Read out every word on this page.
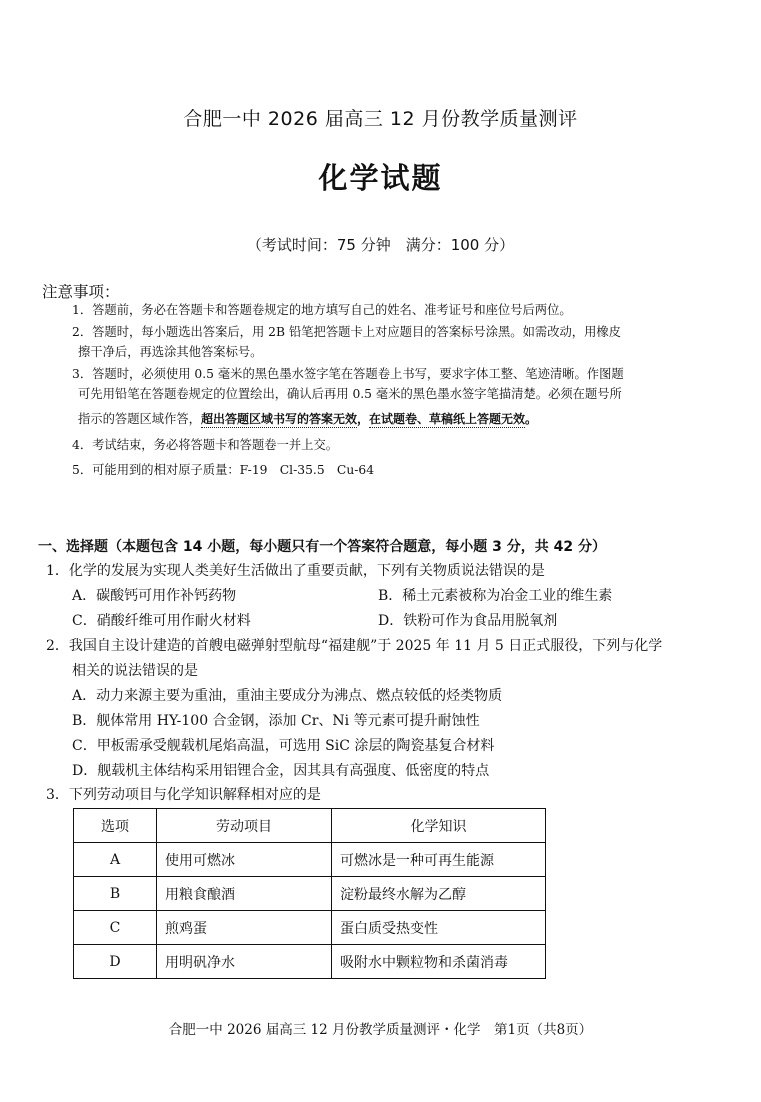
合肥一中 2026 届高三 12 月份教学质量测评
化学试题
（考试时间：75 分钟　满分：100 分）
注意事项：
1．答题前，务必在答题卡和答题卷规定的地方填写自己的姓名、准考证号和座位号后两位。
2．答题时，每小题选出答案后，用 2B 铅笔把答题卡上对应题目的答案标号涂黑。如需改动，用橡皮
擦干净后，再选涂其他答案标号。
3．答题时，必须使用 0.5 毫米的黑色墨水签字笔在答题卷上书写，要求字体工整、笔迹清晰。作图题
可先用铅笔在答题卷规定的位置绘出，确认后再用 0.5 毫米的黑色墨水签字笔描清楚。必须在题号所
指示的答题区域作答，超出答题区域书写的答案无效，在试题卷、草稿纸上答题无效。
4．考试结束，务必将答题卡和答题卷一并上交。
5．可能用到的相对原子质量：F-19　Cl-35.5　Cu-64
一、选择题（本题包含 14 小题，每小题只有一个答案符合题意，每小题 3 分，共 42 分）
1．化学的发展为实现人类美好生活做出了重要贡献，下列有关物质说法错误的是
A．碳酸钙可用作补钙药物	B．稀土元素被称为冶金工业的维生素
C．硝酸纤维可用作耐火材料	D．铁粉可作为食品用脱氧剂
2．我国自主设计建造的首艘电磁弹射型航母“福建舰”于 2025 年 11 月 5 日正式服役，下列与化学
相关的说法错误的是
A．动力来源主要为重油，重油主要成分为沸点、燃点较低的烃类物质
B．舰体常用 HY-100 合金钢，添加 Cr、Ni 等元素可提升耐蚀性
C．甲板需承受舰载机尾焰高温，可选用 SiC 涂层的陶瓷基复合材料
D．舰载机主体结构采用铝锂合金，因其具有高强度、低密度的特点
3．下列劳动项目与化学知识解释相对应的是
选项	劳动项目	化学知识
A	使用可燃冰	可燃冰是一种可再生能源
B	用粮食酿酒	淀粉最终水解为乙醇
C	煎鸡蛋	蛋白质受热变性
D	用明矾净水	吸附水中颗粒物和杀菌消毒
合肥一中 2026 届高三 12 月份教学质量测评・化学　第1页（共8页）
